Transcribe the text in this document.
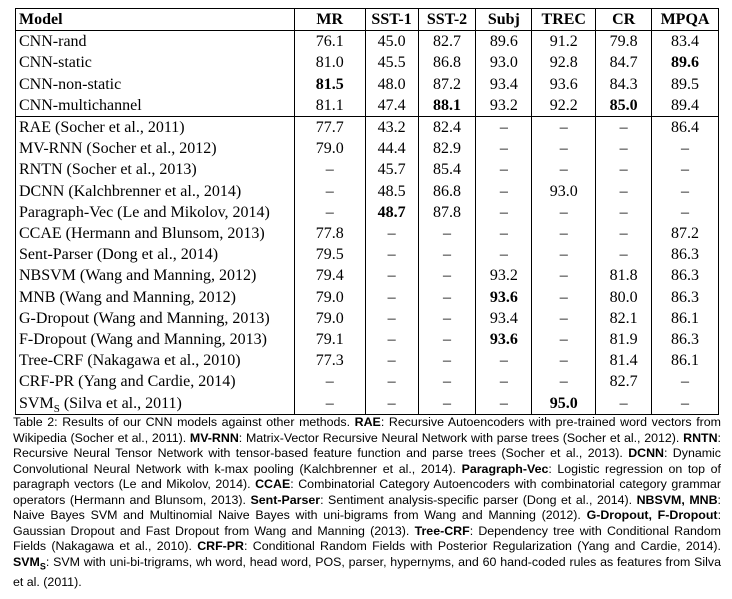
Model	MR	SST-1	SST-2	Subj	TREC	CR	MPQA
CNN-rand	76.1	45.0	82.7	89.6	91.2	79.8	83.4
CNN-static	81.0	45.5	86.8	93.0	92.8	84.7	89.6
CNN-non-static	81.5	48.0	87.2	93.4	93.6	84.3	89.5
CNN-multichannel	81.1	47.4	88.1	93.2	92.2	85.0	89.4
RAE (Socher et al., 2011)	77.7	43.2	82.4	–	–	–	86.4
MV-RNN (Socher et al., 2012)	79.0	44.4	82.9	–	–	–	–
RNTN (Socher et al., 2013)	–	45.7	85.4	–	–	–	–
DCNN (Kalchbrenner et al., 2014)	–	48.5	86.8	–	93.0	–	–
Paragraph-Vec (Le and Mikolov, 2014)	–	48.7	87.8	–	–	–	–
CCAE (Hermann and Blunsom, 2013)	77.8	–	–	–	–	–	87.2
Sent-Parser (Dong et al., 2014)	79.5	–	–	–	–	–	86.3
NBSVM (Wang and Manning, 2012)	79.4	–	–	93.2	–	81.8	86.3
MNB (Wang and Manning, 2012)	79.0	–	–	93.6	–	80.0	86.3
G-Dropout (Wang and Manning, 2013)	79.0	–	–	93.4	–	82.1	86.1
F-Dropout (Wang and Manning, 2013)	79.1	–	–	93.6	–	81.9	86.3
Tree-CRF (Nakagawa et al., 2010)	77.3	–	–	–	–	81.4	86.1
CRF-PR (Yang and Cardie, 2014)	–	–	–	–	–	82.7	–
$SVM_S$ (Silva et al., 2011)	–	–	–	–	95.0	–	–

Table 2: Results of our CNN models against other methods. RAE: Recursive Autoencoders with pre-trained word vectors from Wikipedia (Socher et al., 2011). MV-RNN: Matrix-Vector Recursive Neural Network with parse trees (Socher et al., 2012). RNTN: Recursive Neural Tensor Network with tensor-based feature function and parse trees (Socher et al., 2013). DCNN: Dynamic Convolutional Neural Network with k-max pooling (Kalchbrenner et al., 2014). Paragraph-Vec: Logistic regression on top of paragraph vectors (Le and Mikolov, 2014). CCAE: Combinatorial Category Autoencoders with combinatorial category grammar operators (Hermann and Blunsom, 2013). Sent-Parser: Sentiment analysis-specific parser (Dong et al., 2014). NBSVM, MNB: Naive Bayes SVM and Multinomial Naive Bayes with uni-bigrams from Wang and Manning (2012). G-Dropout, F-Dropout: Gaussian Dropout and Fast Dropout from Wang and Manning (2013). Tree-CRF: Dependency tree with Conditional Random Fields (Nakagawa et al., 2010). CRF-PR: Conditional Random Fields with Posterior Regularization (Yang and Cardie, 2014). $SVM_S$: SVM with uni-bi-trigrams, wh word, head word, POS, parser, hypernyms, and 60 hand-coded rules as features from Silva et al. (2011).
